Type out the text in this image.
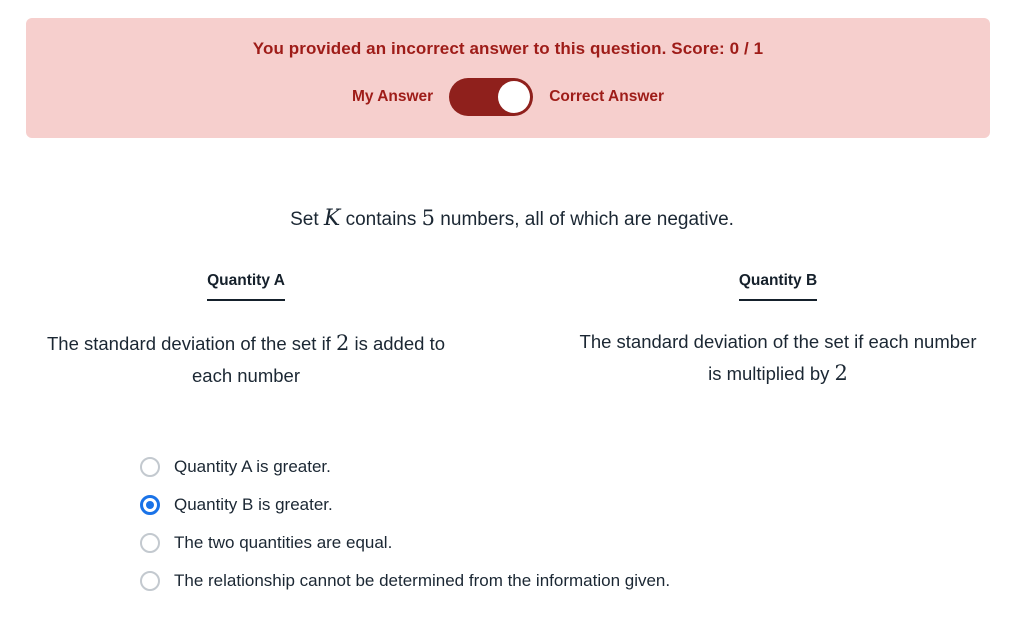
You provided an incorrect answer to this question. Score: 0 / 1
My Answer	Correct Answer
Set K contains 5 numbers, all of which are negative.
Quantity A
The standard deviation of the set if 2 is added to each number
Quantity B
The standard deviation of the set if each number is multiplied by 2
Quantity A is greater.
Quantity B is greater.
The two quantities are equal.
The relationship cannot be determined from the information given.
